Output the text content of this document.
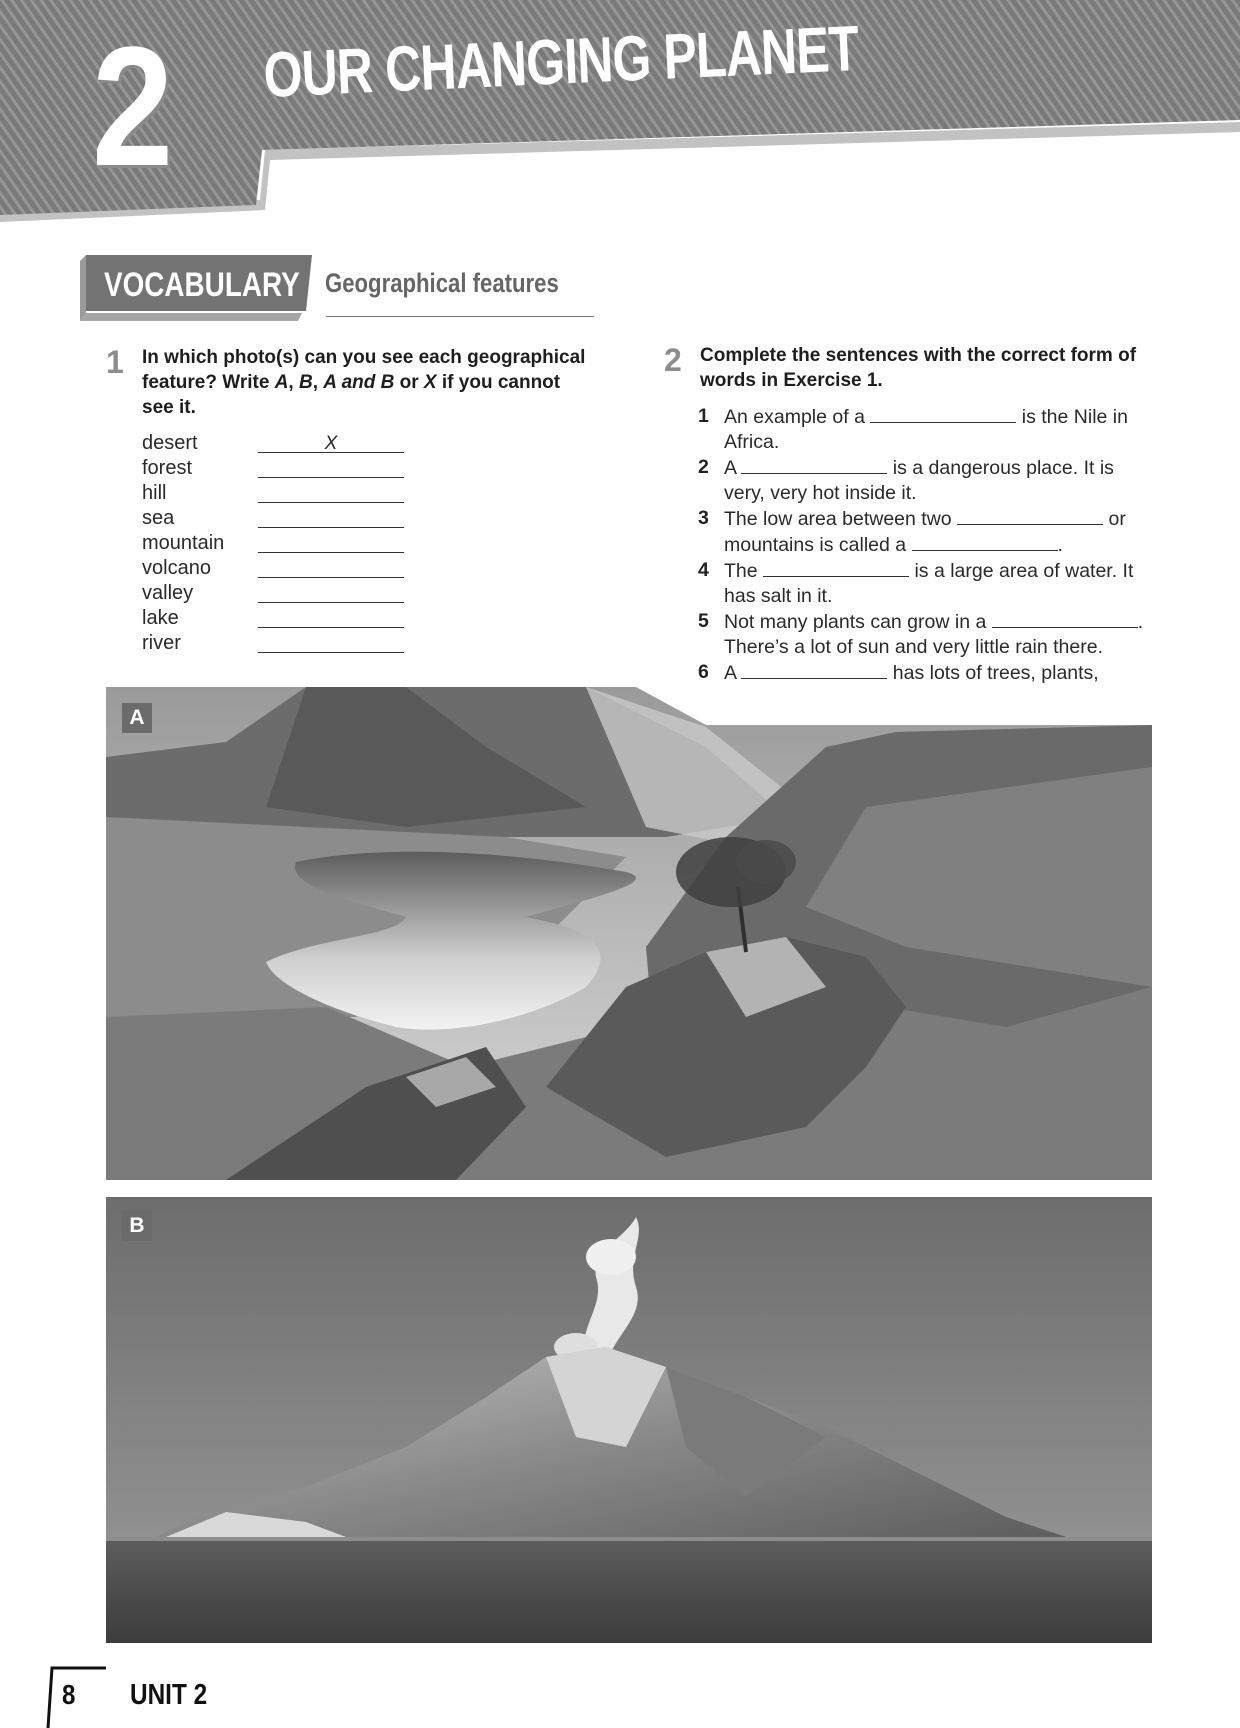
2 OUR CHANGING PLANET
VOCABULARY Geographical features
1 In which photo(s) can you see each geographical feature? Write A, B, A and B or X if you cannot see it.
desert	X
forest
hill
sea
mountain
volcano
valley
lake
river
2 Complete the sentences with the correct form of words in Exercise 1.
1 An example of a	is the Nile in Africa.
2 A	is a dangerous place. It is very, very hot inside it.
3 The low area between two	or mountains is called a	.
4 The	is a large area of water. It has salt in it.
5 Not many plants can grow in a	. There’s a lot of sun and very little rain there.
6 A	has lots of trees, plants,
A
B
8 UNIT 2
